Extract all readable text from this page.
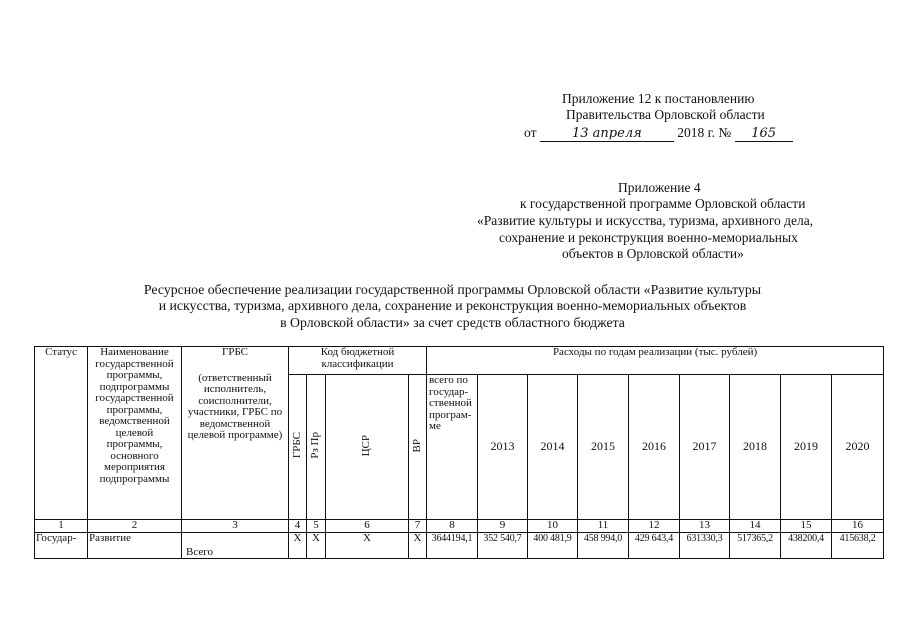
Приложение 12 к постановлению
Правительства Орловской области
от	13 апреля	2018 г. № 165
Приложение 4
к государственной программе Орловской области
«Развитие культуры и искусства, туризма, архивного дела,
сохранение и реконструкция военно-мемориальных
объектов в Орловской области»
Ресурсное обеспечение реализации государственной программы Орловской области «Развитие культуры
и искусства, туризма, архивного дела, сохранение и реконструкция военно-мемориальных объектов
в Орловской области» за счет средств областного бюджета
Статус	Наименование государственной программы, подпрограммы государственной программы, ведомственной целевой программы, основного мероприятия подпрограммы	ГРБС
(ответственный исполнитель, соисполнители, участники, ГРБС по ведомственной целевой программе)	Код бюджетной классификации				Расходы по годам реализации (тыс. рублей)								
			ГРБС	Рз Пр	ЦСР	ВР	всего по государ-ственной програм-ме	2013	2014	2015	2016	2017	2018	2019	2020
1	2	3	4	5	6	7	8	9	10	11	12	13	14	15	16
Государ-	Развитие	Всего	Х	Х	Х	Х	3644194,1	352 540,7	400 481,9	458 994,0	429 643,4	631330,3	517365,2	438200,4	415638,2
